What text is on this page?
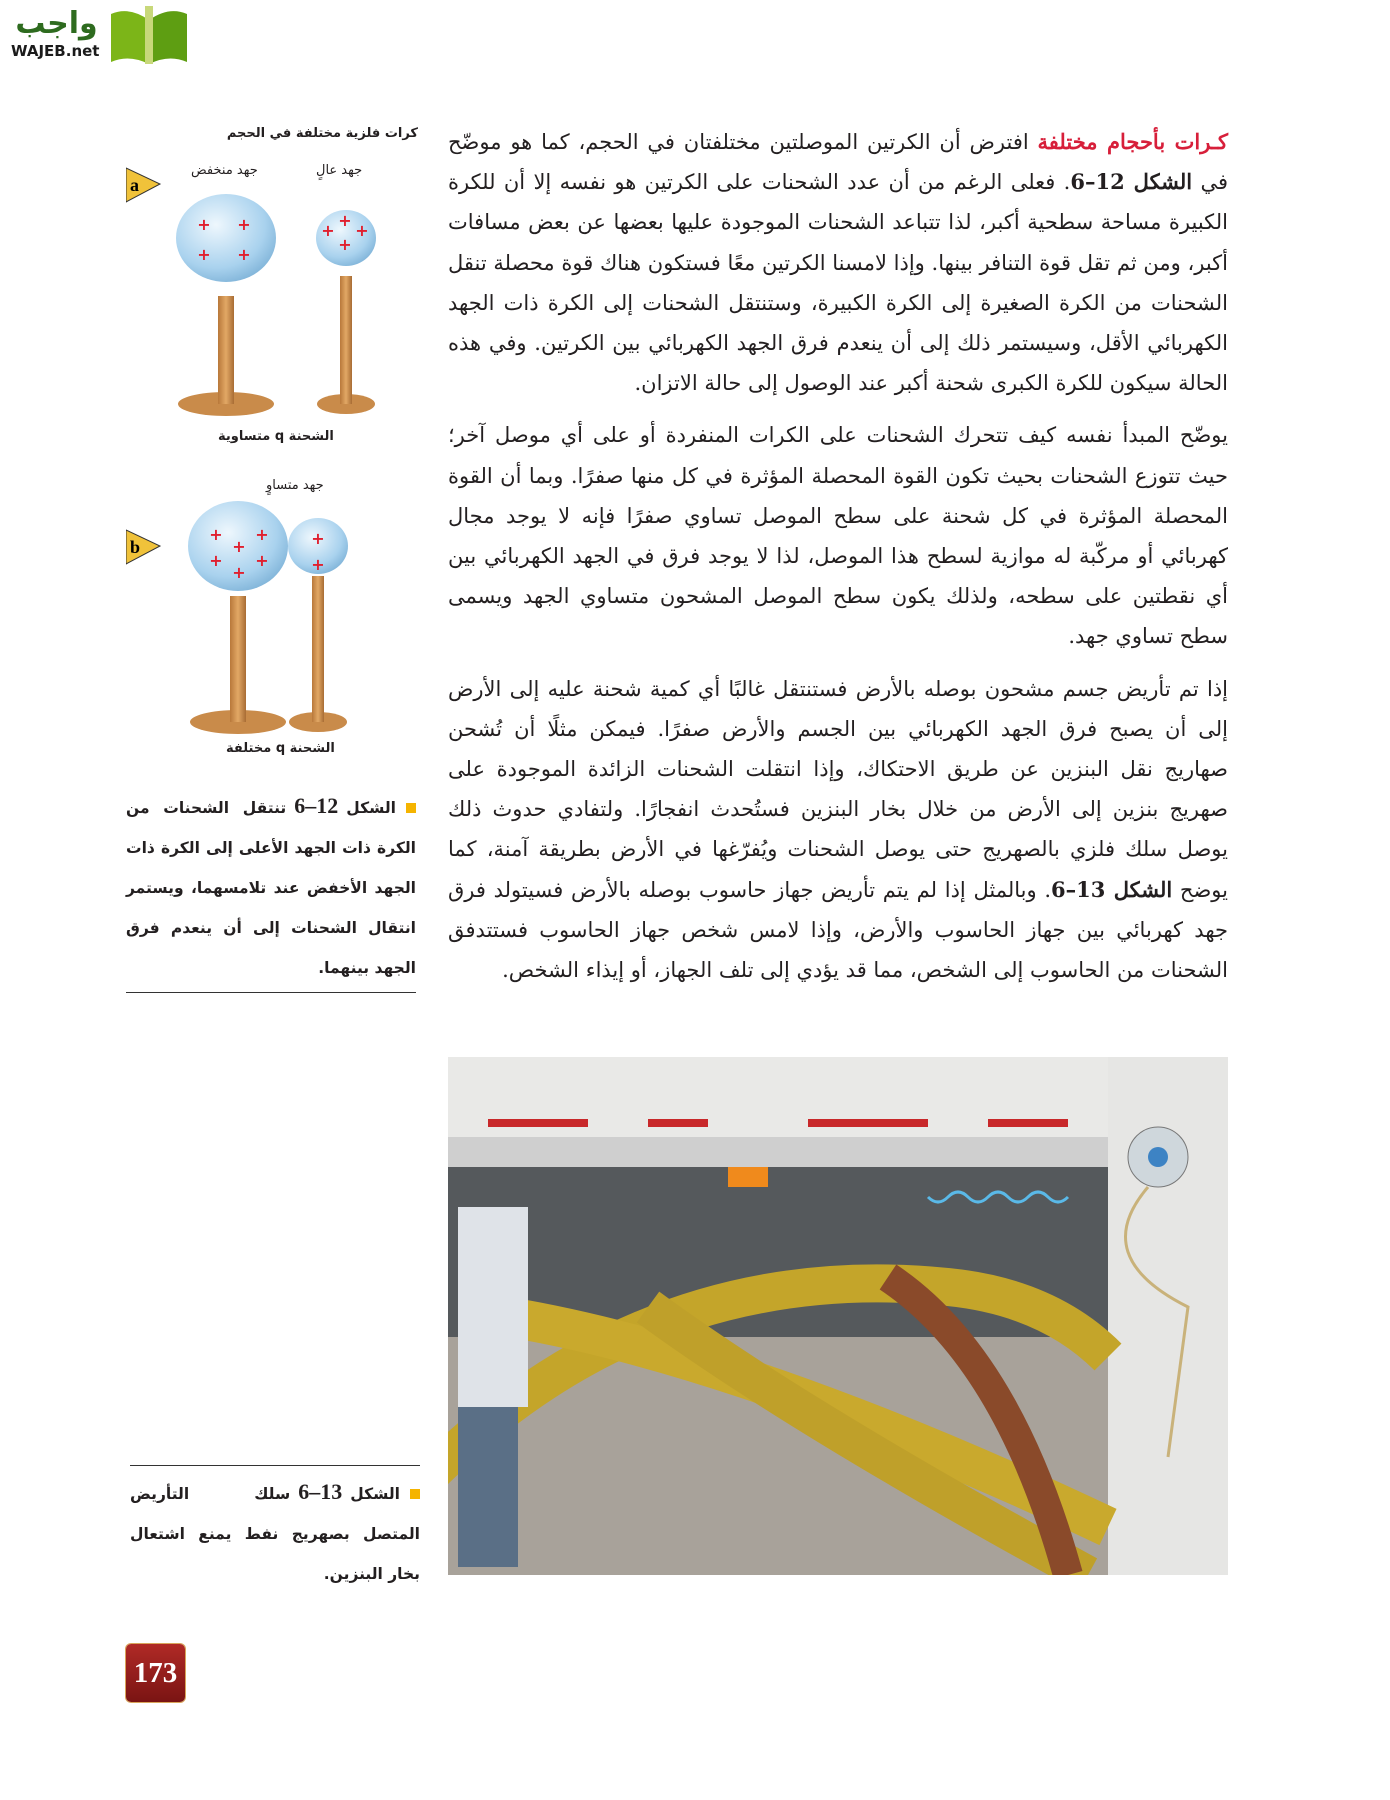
واجب
WAJEB.net

كـرات بأحجام مختلفة افترض أن الكرتين الموصلتين مختلفتان في الحجم، كما هو موضّح في الشكل 12–6. فعلى الرغم من أن عدد الشحنات على الكرتين هو نفسه إلا أن للكرة الكبيرة مساحة سطحية أكبر، لذا تتباعد الشحنات الموجودة عليها بعضها عن بعض مسافات أكبر، ومن ثم تقل قوة التنافر بينها. وإذا لامسنا الكرتين معًا فستكون هناك قوة محصلة تنقل الشحنات من الكرة الصغيرة إلى الكرة الكبيرة، وستنتقل الشحنات إلى الكرة ذات الجهد الكهربائي الأقل، وسيستمر ذلك إلى أن ينعدم فرق الجهد الكهربائي بين الكرتين. وفي هذه الحالة سيكون للكرة الكبرى شحنة أكبر عند الوصول إلى حالة الاتزان.

يوضّح المبدأ نفسه كيف تتحرك الشحنات على الكرات المنفردة أو على أي موصل آخر؛ حيث تتوزع الشحنات بحيث تكون القوة المحصلة المؤثرة في كل منها صفرًا. وبما أن القوة المحصلة المؤثرة في كل شحنة على سطح الموصل تساوي صفرًا فإنه لا يوجد مجال كهربائي أو مركّبة له موازية لسطح هذا الموصل، لذا لا يوجد فرق في الجهد الكهربائي بين أي نقطتين على سطحه، ولذلك يكون سطح الموصل المشحون متساوي الجهد ويسمى سطح تساوي جهد.

إذا تم تأريض جسم مشحون بوصله بالأرض فستنتقل غالبًا أي كمية شحنة عليه إلى الأرض إلى أن يصبح فرق الجهد الكهربائي بين الجسم والأرض صفرًا. فيمكن مثلًا أن تُشحن صهاريج نقل البنزين عن طريق الاحتكاك، وإذا انتقلت الشحنات الزائدة الموجودة على صهريج بنزين إلى الأرض من خلال بخار البنزين فستُحدث انفجارًا. ولتفادي حدوث ذلك يوصل سلك فلزي بالصهريج حتى يوصل الشحنات ويُفرّغها في الأرض بطريقة آمنة، كما يوضح الشكل 13–6. وبالمثل إذا لم يتم تأريض جهاز حاسوب بوصله بالأرض فسيتولد فرق جهد كهربائي بين جهاز الحاسوب والأرض، وإذا لامس شخص جهاز الحاسوب فستتدفق الشحنات من الحاسوب إلى الشخص، مما قد يؤدي إلى تلف الجهاز، أو إيذاء الشخص.

كرات فلزية مختلفة في الحجم
جهد منخفض	جهد عالٍ
a
+ +
+ +
+
+ +
+
b
+ +
+
+ +
+
+
+
الشحنة q متساوية
جهد متساوٍ
الشحنة q مختلفة
الشكل12–6تنتقل الشحنات من الكرة ذات الجهد الأعلى إلى الكرة ذات الجهد الأخفض عند تلامسهما، ويستمر انتقال الشحنات إلى أن ينعدم فرق الجهد بينهما.
الشكل13–6سلك التأريض المتصل بصهريج نفط يمنع اشتعال بخار البنزين.
173
